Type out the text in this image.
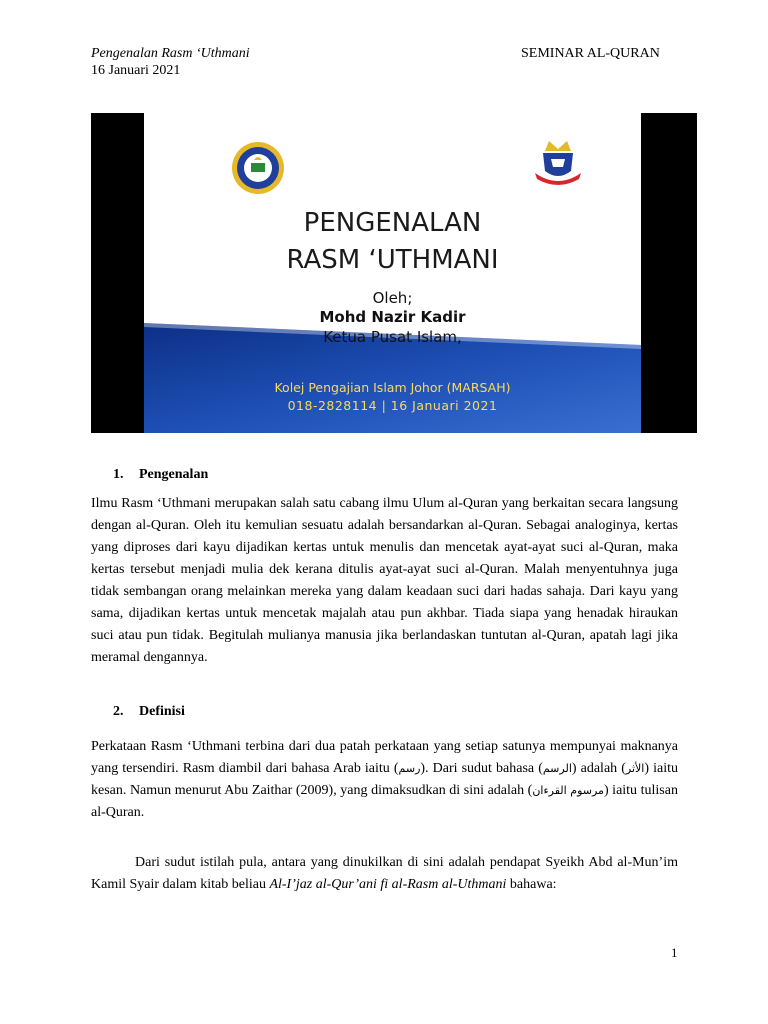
Pengenalan Rasm ‘Uthmani
16 Januari 2021
SEMINAR AL-QURAN
PENGENALAN
RASM ‘UTHMANI
Oleh;
Mohd Nazir Kadir
Ketua Pusat Islam,
Kolej Pengajian Islam Johor (MARSAH)
018-2828114 | 16 Januari 2021
1. Pengenalan

Ilmu Rasm ‘Uthmani merupakan salah satu cabang ilmu Ulum al-Quran yang berkaitan secara langsung dengan al-Quran. Oleh itu kemulian sesuatu adalah bersandarkan al-Quran. Sebagai analoginya, kertas yang diproses dari kayu dijadikan kertas untuk menulis dan mencetak ayat-ayat suci al-Quran, maka kertas tersebut menjadi mulia dek kerana ditulis ayat-ayat suci al-Quran. Malah menyentuhnya juga tidak sembangan orang melainkan mereka yang dalam keadaan suci dari hadas sahaja. Dari kayu yang sama, dijadikan kertas untuk mencetak majalah atau pun akhbar. Tiada siapa yang henadak hiraukan suci atau pun tidak. Begitulah mulianya manusia jika berlandaskan tuntutan al-Quran, apatah lagi jika meramal dengannya.

2. Definisi

Perkataan Rasm ‘Uthmani terbina dari dua patah perkataan yang setiap satunya mempunyai maknanya yang tersendiri. Rasm diambil dari bahasa Arab iaitu (رسم). Dari sudut bahasa (الرسم) adalah (الأثر) iaitu kesan. Namun menurut Abu Zaithar (2009), yang dimaksudkan di sini adalah (مرسوم القرءان) iaitu tulisan al-Quran.

Dari sudut istilah pula, antara yang dinukilkan di sini adalah pendapat Syeikh Abd al-Mun’im Kamil Syair dalam kitab beliau Al-I’jaz al-Qur’ani fi al-Rasm al-Uthmani bahawa:

1
